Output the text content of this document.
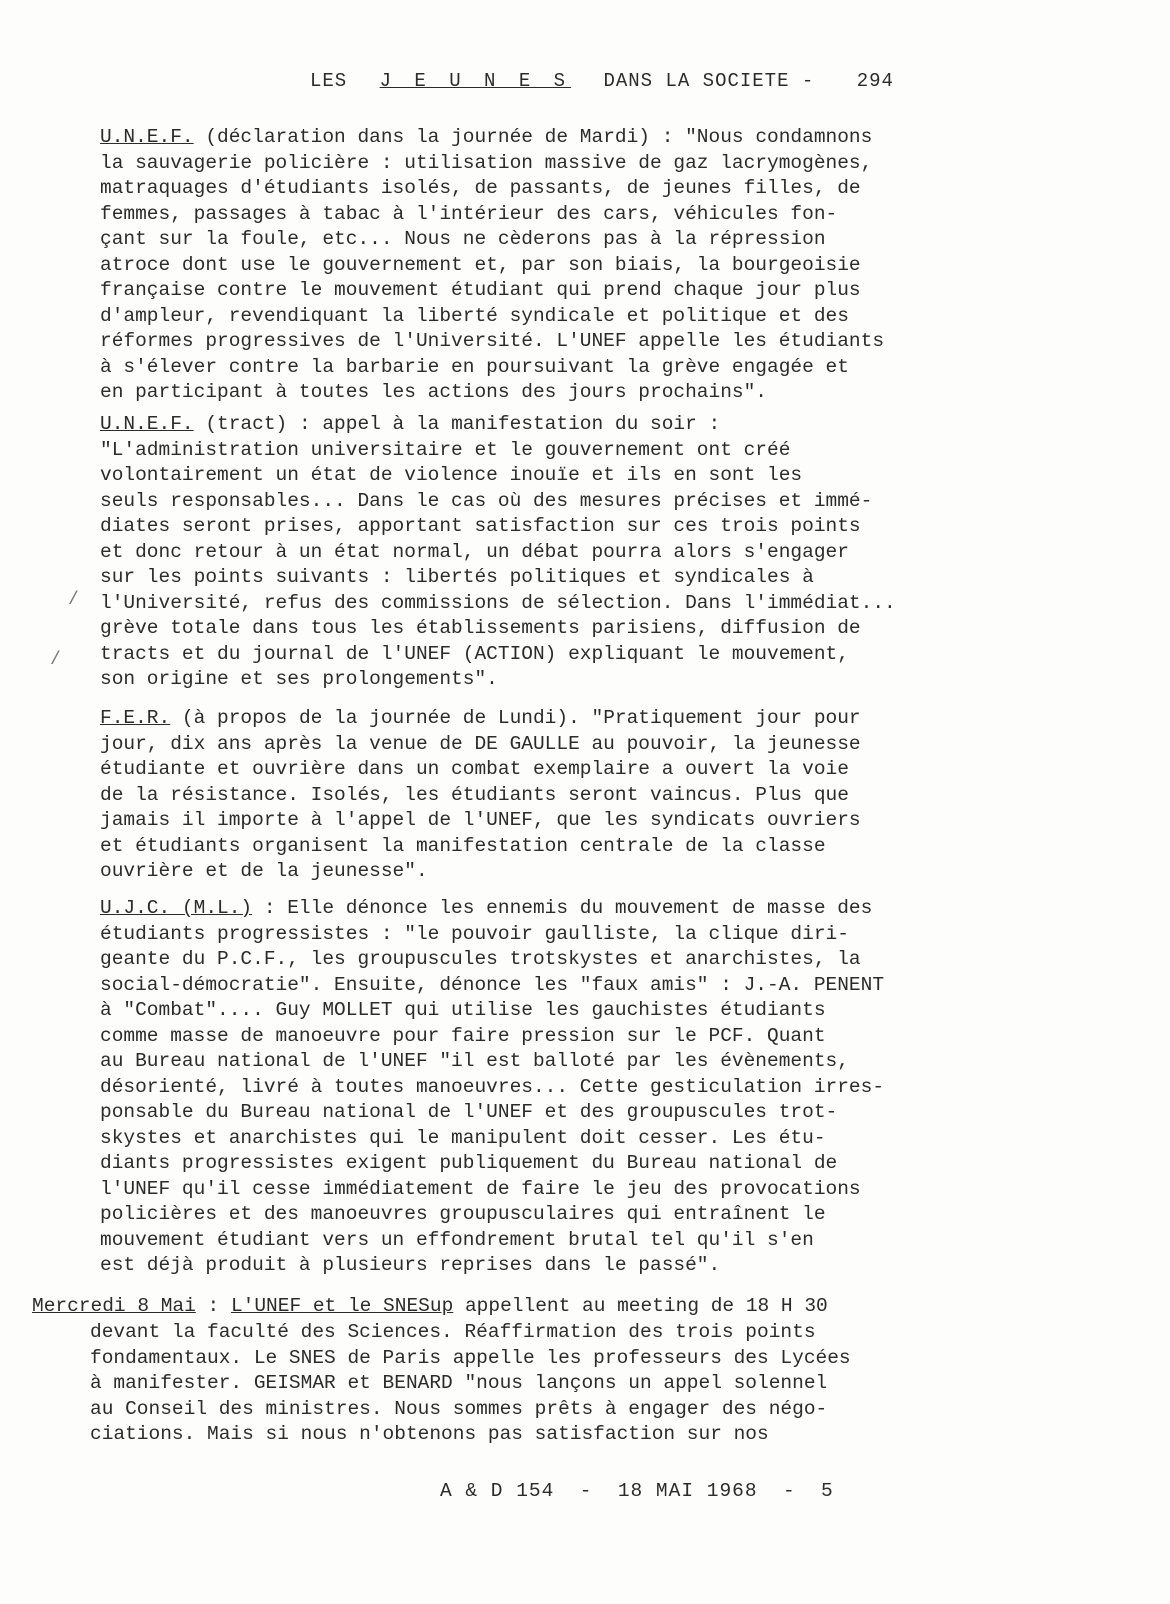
LES J E U N E S DANS LA SOCIETE - 294
U.N.E.F. (déclaration dans la journée de Mardi) : "Nous condamnons
la sauvagerie policière : utilisation massive de gaz lacrymogènes,
matraquages d'étudiants isolés, de passants, de jeunes filles, de
femmes, passages à tabac à l'intérieur des cars, véhicules fon-
çant sur la foule, etc... Nous ne cèderons pas à la répression
atroce dont use le gouvernement et, par son biais, la bourgeoisie
française contre le mouvement étudiant qui prend chaque jour plus
d'ampleur, revendiquant la liberté syndicale et politique et des
réformes progressives de l'Université. L'UNEF appelle les étudiants
à s'élever contre la barbarie en poursuivant la grève engagée et
en participant à toutes les actions des jours prochains".
U.N.E.F. (tract) : appel à la manifestation du soir :
"L'administration universitaire et le gouvernement ont créé
volontairement un état de violence inouïe et ils en sont les
seuls responsables... Dans le cas où des mesures précises et immé-
diates seront prises, apportant satisfaction sur ces trois points
et donc retour à un état normal, un débat pourra alors s'engager
sur les points suivants : libertés politiques et syndicales à
l'Université, refus des commissions de sélection. Dans l'immédiat...
grève totale dans tous les établissements parisiens, diffusion de
tracts et du journal de l'UNEF (ACTION) expliquant le mouvement,
son origine et ses prolongements".
/
/
F.E.R. (à propos de la journée de Lundi). "Pratiquement jour pour
jour, dix ans après la venue de DE GAULLE au pouvoir, la jeunesse
étudiante et ouvrière dans un combat exemplaire a ouvert la voie
de la résistance. Isolés, les étudiants seront vaincus. Plus que
jamais il importe à l'appel de l'UNEF, que les syndicats ouvriers
et étudiants organisent la manifestation centrale de la classe
ouvrière et de la jeunesse".
U.J.C. (M.L.) : Elle dénonce les ennemis du mouvement de masse des
étudiants progressistes : "le pouvoir gaulliste, la clique diri-
geante du P.C.F., les groupuscules trotskystes et anarchistes, la
social-démocratie". Ensuite, dénonce les "faux amis" : J.-A. PENENT
à "Combat".... Guy MOLLET qui utilise les gauchistes étudiants
comme masse de manoeuvre pour faire pression sur le PCF. Quant
au Bureau national de l'UNEF "il est balloté par les évènements,
désorienté, livré à toutes manoeuvres... Cette gesticulation irres-
ponsable du Bureau national de l'UNEF et des groupuscules trot-
skystes et anarchistes qui le manipulent doit cesser. Les étu-
diants progressistes exigent publiquement du Bureau national de
l'UNEF qu'il cesse immédiatement de faire le jeu des provocations
policières et des manoeuvres groupusculaires qui entraînent le
mouvement étudiant vers un effondrement brutal tel qu'il s'en
est déjà produit à plusieurs reprises dans le passé".
Mercredi 8 Mai : L'UNEF et le SNESup appellent au meeting de 18 H 30
devant la faculté des Sciences. Réaffirmation des trois points
fondamentaux. Le SNES de Paris appelle les professeurs des Lycées
à manifester. GEISMAR et BENARD "nous lançons un appel solennel
au Conseil des ministres. Nous sommes prêts à engager des négo-
ciations. Mais si nous n'obtenons pas satisfaction sur nos
A & D 154  -  18 MAI 1968  -  5
